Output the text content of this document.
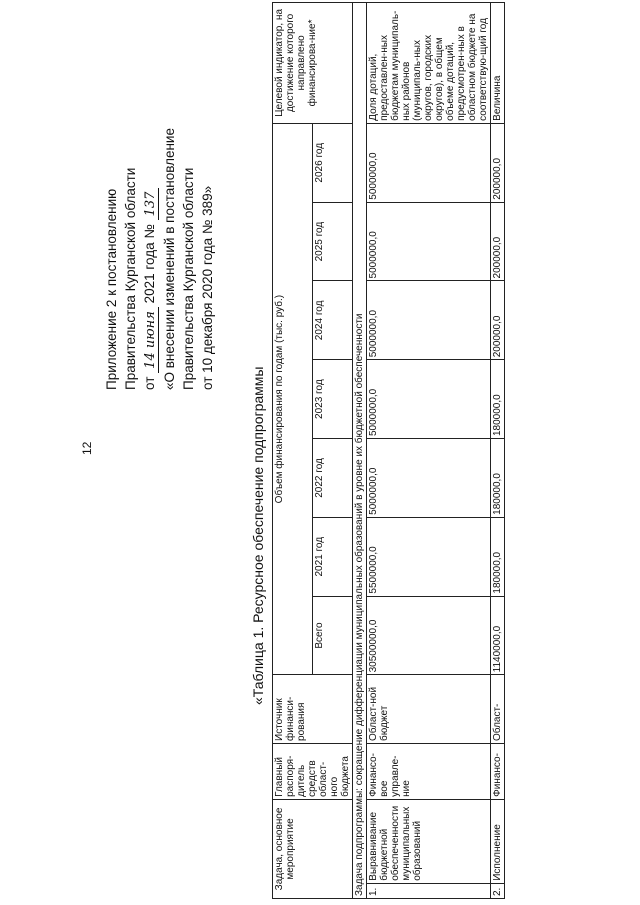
12
Приложение 2 к постановлению Правительства Курганской области от 14 июня 2021 года № 137 «О внесении изменений в постановление Правительства Курганской области от 10 декабря 2020 года № 389»
«Таблица 1. Ресурсное обеспечение подпрограммы
Задача, основное мероприятие		Главный распоря-дитель средств област-ного бюджета	Источник финанси-рования	Объем финансирования по годам (тыс. руб.)							Целевой индикатор, на достижение которого направлено финансирова-ние*
				Всего	2021 год	2022 год	2023 год	2024 год	2025 год	2026 год	
Задача подпрограммы: сокращение дифференциации муниципальных образований в уровне их бюджетной обеспеченности											
1.	Выравнивание бюджетной обеспеченности муниципальных образований	Финансо-вое управле-ние	Област-ной бюджет	30500000,0	5500000,0	5000000,0	5000000,0	5000000,0	5000000,0	5000000,0	Доля дотаций, предоставлен-ных бюджетам муниципаль-ных районов (муниципаль-ных округов, городских округов), в общем объеме дотаций, предусмотрен-ных в областном бюджете на соответствую-щий год
2.	Исполнение	Финансо-	Област-	1140000,0	180000,0	180000,0	180000,0	200000,0	200000,0	200000,0	Величина
